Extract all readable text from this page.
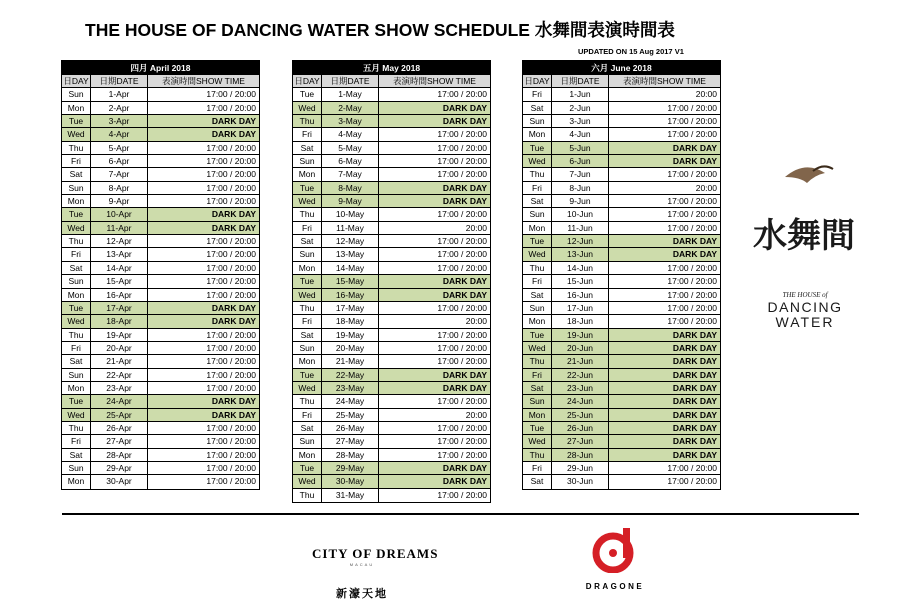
THE HOUSE OF DANCING WATER SHOW SCHEDULE 水舞間表演時間表
UPDATED ON 15 Aug 2017 V1
四月 April 2018
日DAY	日期DATE	表演時間SHOW TIME
Sun	1-Apr	17:00 / 20:00
Mon	2-Apr	17:00 / 20:00
Tue	3-Apr	DARK DAY
Wed	4-Apr	DARK DAY
Thu	5-Apr	17:00 / 20:00
Fri	6-Apr	17:00 / 20:00
Sat	7-Apr	17:00 / 20:00
Sun	8-Apr	17:00 / 20:00
Mon	9-Apr	17:00 / 20:00
Tue	10-Apr	DARK DAY
Wed	11-Apr	DARK DAY
Thu	12-Apr	17:00 / 20:00
Fri	13-Apr	17:00 / 20:00
Sat	14-Apr	17:00 / 20:00
Sun	15-Apr	17:00 / 20:00
Mon	16-Apr	17:00 / 20:00
Tue	17-Apr	DARK DAY
Wed	18-Apr	DARK DAY
Thu	19-Apr	17:00 / 20:00
Fri	20-Apr	17:00 / 20:00
Sat	21-Apr	17:00 / 20:00
Sun	22-Apr	17:00 / 20:00
Mon	23-Apr	17:00 / 20:00
Tue	24-Apr	DARK DAY
Wed	25-Apr	DARK DAY
Thu	26-Apr	17:00 / 20:00
Fri	27-Apr	17:00 / 20:00
Sat	28-Apr	17:00 / 20:00
Sun	29-Apr	17:00 / 20:00
Mon	30-Apr	17:00 / 20:00
五月 May 2018
日DAY	日期DATE	表演時間SHOW TIME
Tue	1-May	17:00 / 20:00
Wed	2-May	DARK DAY
Thu	3-May	DARK DAY
Fri	4-May	17:00 / 20:00
Sat	5-May	17:00 / 20:00
Sun	6-May	17:00 / 20:00
Mon	7-May	17:00 / 20:00
Tue	8-May	DARK DAY
Wed	9-May	DARK DAY
Thu	10-May	17:00 / 20:00
Fri	11-May	20:00
Sat	12-May	17:00 / 20:00
Sun	13-May	17:00 / 20:00
Mon	14-May	17:00 / 20:00
Tue	15-May	DARK DAY
Wed	16-May	DARK DAY
Thu	17-May	17:00 / 20:00
Fri	18-May	20:00
Sat	19-May	17:00 / 20:00
Sun	20-May	17:00 / 20:00
Mon	21-May	17:00 / 20:00
Tue	22-May	DARK DAY
Wed	23-May	DARK DAY
Thu	24-May	17:00 / 20:00
Fri	25-May	20:00
Sat	26-May	17:00 / 20:00
Sun	27-May	17:00 / 20:00
Mon	28-May	17:00 / 20:00
Tue	29-May	DARK DAY
Wed	30-May	DARK DAY
Thu	31-May	17:00 / 20:00
六月 June 2018
日DAY	日期DATE	表演時間SHOW TIME
Fri	1-Jun	20:00
Sat	2-Jun	17:00 / 20:00
Sun	3-Jun	17:00 / 20:00
Mon	4-Jun	17:00 / 20:00
Tue	5-Jun	DARK DAY
Wed	6-Jun	DARK DAY
Thu	7-Jun	17:00 / 20:00
Fri	8-Jun	20:00
Sat	9-Jun	17:00 / 20:00
Sun	10-Jun	17:00 / 20:00
Mon	11-Jun	17:00 / 20:00
Tue	12-Jun	DARK DAY
Wed	13-Jun	DARK DAY
Thu	14-Jun	17:00 / 20:00
Fri	15-Jun	17:00 / 20:00
Sat	16-Jun	17:00 / 20:00
Sun	17-Jun	17:00 / 20:00
Mon	18-Jun	17:00 / 20:00
Tue	19-Jun	DARK DAY
Wed	20-Jun	DARK DAY
Thu	21-Jun	DARK DAY
Fri	22-Jun	DARK DAY
Sat	23-Jun	DARK DAY
Sun	24-Jun	DARK DAY
Mon	25-Jun	DARK DAY
Tue	26-Jun	DARK DAY
Wed	27-Jun	DARK DAY
Thu	28-Jun	DARK DAY
Fri	29-Jun	17:00 / 20:00
Sat	30-Jun	17:00 / 20:00
水舞間
THE HOUSE of
DANCING
WATER
CITY OF DREAMS
MACAU
新濠天地
DRAGONE
